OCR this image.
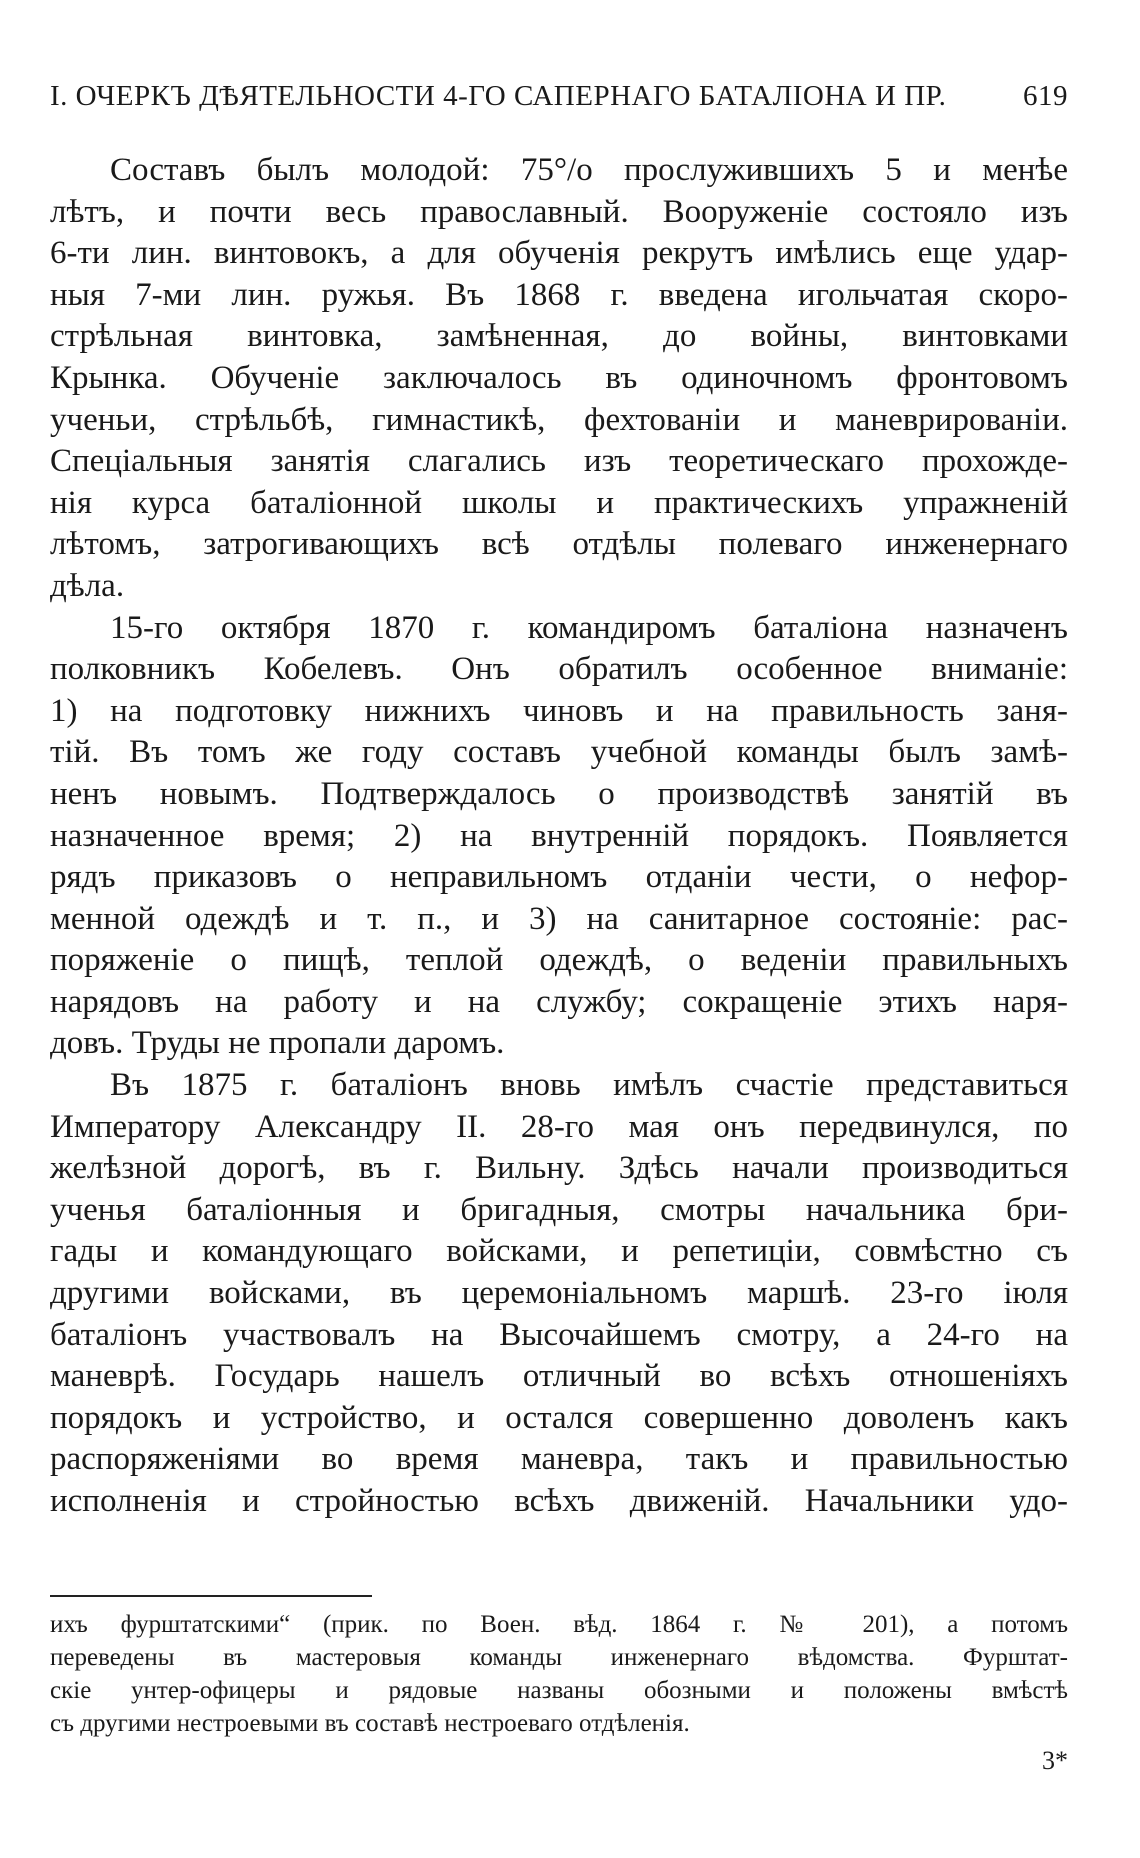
I. ОЧЕРКЪ ДѢЯТЕЛЬНОСТИ 4-ГО САПЕРНАГО БАТАЛІОНА И ПР.	619
Составъ былъ молодой: 75°/о прослужившихъ 5 и менѣе
лѣтъ, и почти весь православный. Вооруженіе состояло изъ
6-ти лин. винтовокъ, а для обученія рекрутъ имѣлись еще удар-
ныя 7-ми лин. ружья. Въ 1868 г. введена игольчатая скоро-
стрѣльная винтовка, замѣненная, до войны, винтовками
Крынка. Обученіе заключалось въ одиночномъ фронтовомъ
ученьи, стрѣльбѣ, гимнастикѣ, фехтованіи и маневрированіи.
Спеціальныя занятія слагались изъ теоретическаго прохожде-
нія курса баталіонной школы и практическихъ упражненій
лѣтомъ, затрогивающихъ всѣ отдѣлы полеваго инженернаго
дѣла.
15-го октября 1870 г. командиромъ баталіона назначенъ
полковникъ Кобелевъ. Онъ обратилъ особенное вниманіе:
1) на подготовку нижнихъ чиновъ и на правильность заня-
тій. Въ томъ же году составъ учебной команды былъ замѣ-
ненъ новымъ. Подтверждалось о производствѣ занятій въ
назначенное время; 2) на внутренній порядокъ. Появляется
рядъ приказовъ о неправильномъ отданіи чести, о нефор-
менной одеждѣ и т. п., и 3) на санитарное состояніе: рас-
поряженіе о пищѣ, теплой одеждѣ, о веденіи правильныхъ
нарядовъ на работу и на службу; сокращеніе этихъ наря-
довъ. Труды не пропали даромъ.
Въ 1875 г. баталіонъ вновь имѣлъ счастіе представиться
Императору Александру II. 28-го мая онъ передвинулся, по
желѣзной дорогѣ, въ г. Вильну. Здѣсь начали производиться
ученья баталіонныя и бригадныя, смотры начальника бри-
гады и командующаго войсками, и репетиціи, совмѣстно съ
другими войсками, въ церемоніальномъ маршѣ. 23-го іюля
баталіонъ участвовалъ на Высочайшемъ смотру, а 24-го на
маневрѣ. Государь нашелъ отличный во всѣхъ отношеніяхъ
порядокъ и устройство, и остался совершенно доволенъ какъ
распоряженіями во время маневра, такъ и правильностью
исполненія и стройностью всѣхъ движеній. Начальники удо-
ихъ фурштатскими“ (прик. по Воен. вѣд. 1864 г. № 201), а потомъ
переведены въ мастеровыя команды инженернаго вѣдомства. Фурштат-
скіе унтер-офицеры и рядовые названы обозными и положены вмѣстѣ
съ другими нестроевыми въ составѣ нестроеваго отдѣленія.
3*
